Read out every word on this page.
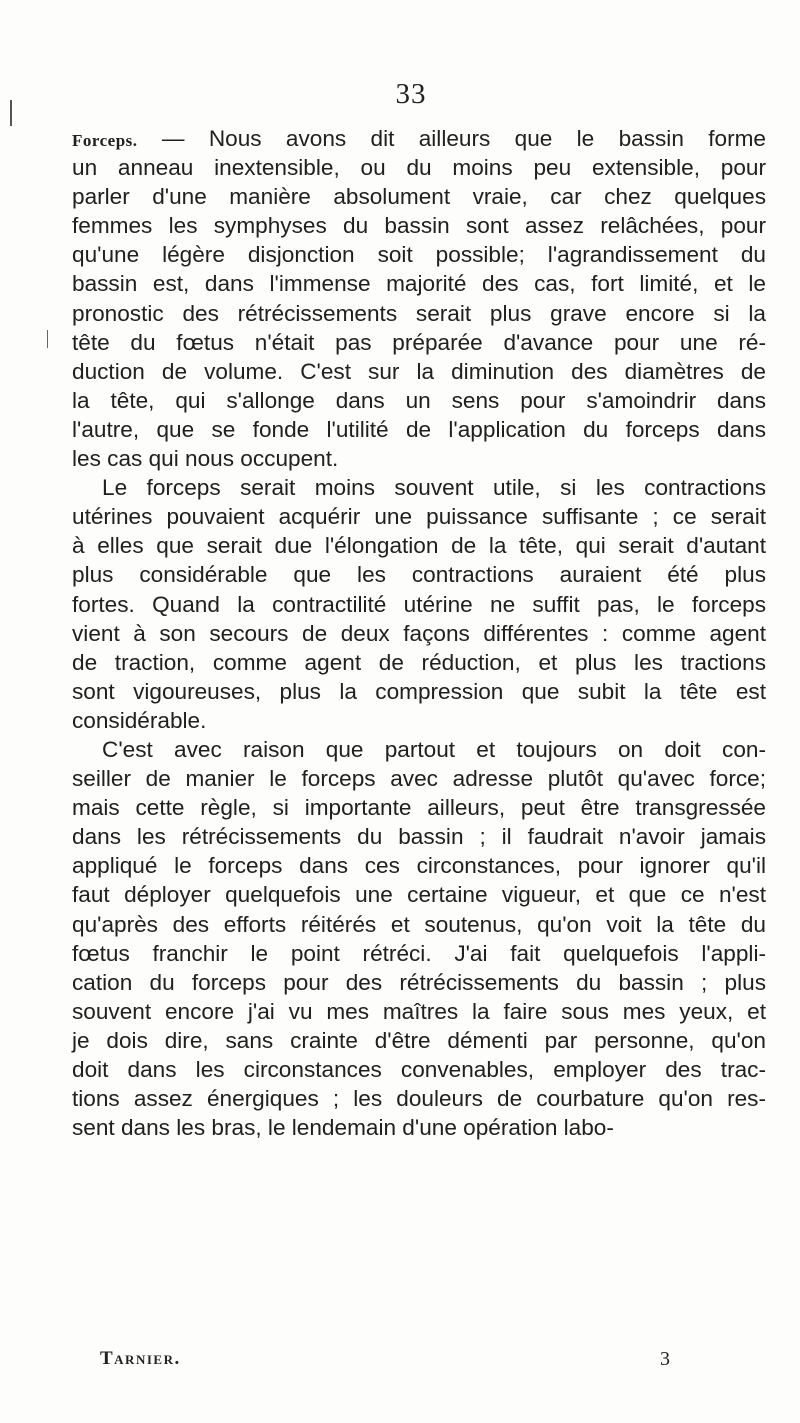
33
Forceps. — Nous avons dit ailleurs que le bassin forme
un anneau inextensible, ou du moins peu extensible, pour
parler d'une manière absolument vraie, car chez quelques
femmes les symphyses du bassin sont assez relâchées, pour
qu'une légère disjonction soit possible; l'agrandissement du
bassin est, dans l'immense majorité des cas, fort limité, et le
pronostic des rétrécissements serait plus grave encore si la
tête du fœtus n'était pas préparée d'avance pour une ré-
duction de volume. C'est sur la diminution des diamètres de
la tête, qui s'allonge dans un sens pour s'amoindrir dans
l'autre, que se fonde l'utilité de l'application du forceps dans
les cas qui nous occupent.
Le forceps serait moins souvent utile, si les contractions
utérines pouvaient acquérir une puissance suffisante ; ce serait
à elles que serait due l'élongation de la tête, qui serait d'autant
plus considérable que les contractions auraient été plus
fortes. Quand la contractilité utérine ne suffit pas, le forceps
vient à son secours de deux façons différentes : comme agent
de traction, comme agent de réduction, et plus les tractions
sont vigoureuses, plus la compression que subit la tête est
considérable.
C'est avec raison que partout et toujours on doit con-
seiller de manier le forceps avec adresse plutôt qu'avec force;
mais cette règle, si importante ailleurs, peut être transgressée
dans les rétrécissements du bassin ; il faudrait n'avoir jamais
appliqué le forceps dans ces circonstances, pour ignorer qu'il
faut déployer quelquefois une certaine vigueur, et que ce n'est
qu'après des efforts réitérés et soutenus, qu'on voit la tête du
fœtus franchir le point rétréci. J'ai fait quelquefois l'appli-
cation du forceps pour des rétrécissements du bassin ; plus
souvent encore j'ai vu mes maîtres la faire sous mes yeux, et
je dois dire, sans crainte d'être démenti par personne, qu'on
doit dans les circonstances convenables, employer des trac-
tions assez énergiques ; les douleurs de courbature qu'on res-
sent dans les bras, le lendemain d'une opération labo-
Tarnier.	3
